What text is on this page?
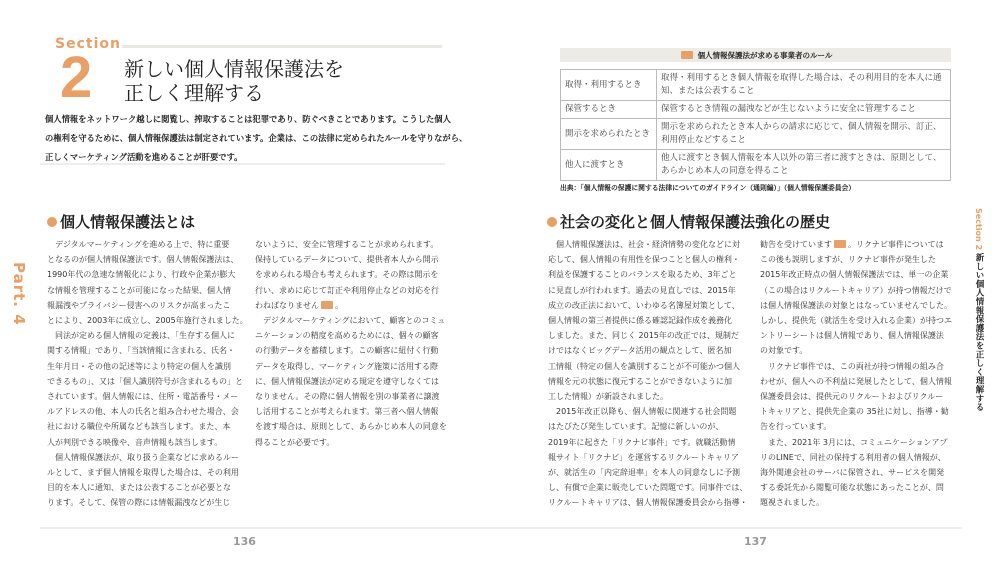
Section
2 新しい個人情報保護法を
正しく理解する
個人情報をネットワーク越しに閲覧し、搾取することは犯罪であり、防ぐべきことであります。こうした個人
の権利を守るために、個人情報保護法は制定されています。企業は、この法律に定められたルールを守りながら、
正しくマーケティング活動を進めることが肝要です。
Part. 4
個人情報保護法とは
　デジタルマーケティングを進める上で、特に重要
となるのが個人情報保護法です。個人情報保護法は、
1990年代の急速な情報化により、行政や企業が膨大
な情報を管理することが可能になった結果、個人情
報漏洩やプライバシー侵害へのリスクが高まったこ
とにより、2003年に成立し、2005年施行されました。
　同法が定める個人情報の定義は、「生存する個人に
関する情報」であり、「当該情報に含まれる、氏名・
生年月日・その他の記述等により特定の個人を識別
できるもの」、又は「個人識別符号が含まれるもの」と
されています。個人情報には、住所・電話番号・メー
ルアドレスの他、本人の氏名と組み合わせた場合、会
社における職位や所属なども該当します。また、本
人が判別できる映像や、音声情報も該当します。
　個人情報保護法が、取り扱う企業などに求めるルー
ルとして、まず個人情報を取得した場合は、その利用
目的を本人に通知、または公表することが必要とな
ります。そして、保管の際には情報漏洩などが生じ
ないように、安全に管理することが求められます。
保持しているデータについて、提供者本人から開示
を求められる場合も考えられます。その際は開示を
行い、求めに応じて訂正や利用停止などの対応を行
わねばなりません 。
　デジタルマーケティングにおいて、顧客とのコミュ
ニケーションの精度を高めるためには、個々の顧客
の行動データを蓄積します。この顧客に紐付く行動
データを取得し、マーケティング施策に活用する際
に、個人情報保護法が定める規定を遵守しなくては
なりません。その際に個人情報を別の事業者に譲渡
し活用することが考えられます。第三者へ個人情報
を渡す場合は、原則として、あらかじめ本人の同意を
得ることが必要です。
個人情報保護法が求める事業者のルール
取得・利用するとき	取得・利用するとき個人情報を取得した場合は、その利用目的を本人に通知、または公表すること
保管するとき	保管するとき情報の漏洩などが生じないように安全に管理すること
開示を求められたとき	開示を求められたとき本人からの請求に応じて、個人情報を開示、訂正、利用停止などすること
他人に渡すとき	他人に渡すとき個人情報を本人以外の第三者に渡すときは、原則として、あらかじめ本人の同意を得ること
出典：「個人情報の保護に関する法律についてのガイドライン（通則編）」（個人情報保護委員会）
社会の変化と個人情報保護法強化の歴史
　個人情報保護法は、社会・経済情勢の変化などに対
応して、個人情報の有用性を保つことと個人の権利・
利益を保護することのバランスを取るため、3年ごと
に見直しが行われます。過去の見直しでは、2015年
成立の改正法において、いわゆる名簿屋対策として、
個人情報の第三者提供に係る確認記録作成を義務化
しました。また、同じく 2015年の改正では、規制だ
けではなくビッグデータ活用の観点として、匿名加
工情報（特定の個人を識別することが不可能かつ個人
情報を元の状態に復元することができないように加
工した情報）が新設されました。
　2015年改正以降も、個人情報に関連する社会問題
はたびたび発生しています。記憶に新しいのが、
2019年に起きた「リクナビ事件」です。就職活動情
報サイト「リクナビ」を運営するリクルートキャリア
が、就活生の「内定辞退率」を本人の同意なしに予測
し、有償で企業に販売していた問題です。同事件では、
リクルートキャリアは、個人情報保護委員会から指導・
勧告を受けています 。リクナビ事件については
この後も説明しますが、リクナビ事件が発生した
2015年改正時点の個人情報保護法では、単一の企業
（この場合はリクルートキャリア）が持つ情報だけで
は個人情報保護法の対象とはなっていませんでした。
しかし、提供先（就活生を受け入れる企業）が持つエ
ントリーシートは個人情報であり、個人情報保護法
の対象です。
　リクナビ事件では、この両社が持つ情報の組み合
わせが、個人への不利益に発展したとして、個人情報
保護委員会は、提供元のリクルートおよびリクルー
トキャリアと、提供先企業の 35社に対し、指導・勧
告を行っています。
　また、2021年 3月には、コミュニケーションアプ
リのLINEで、同社の保持する利用者の個人情報が、
海外関連会社のサーバに保管され、サービスを開発
する委託先から閲覧可能な状態にあったことが、問
題視されました。
Section 2
新しい個人情報保護法を正しく理解する
136	137
